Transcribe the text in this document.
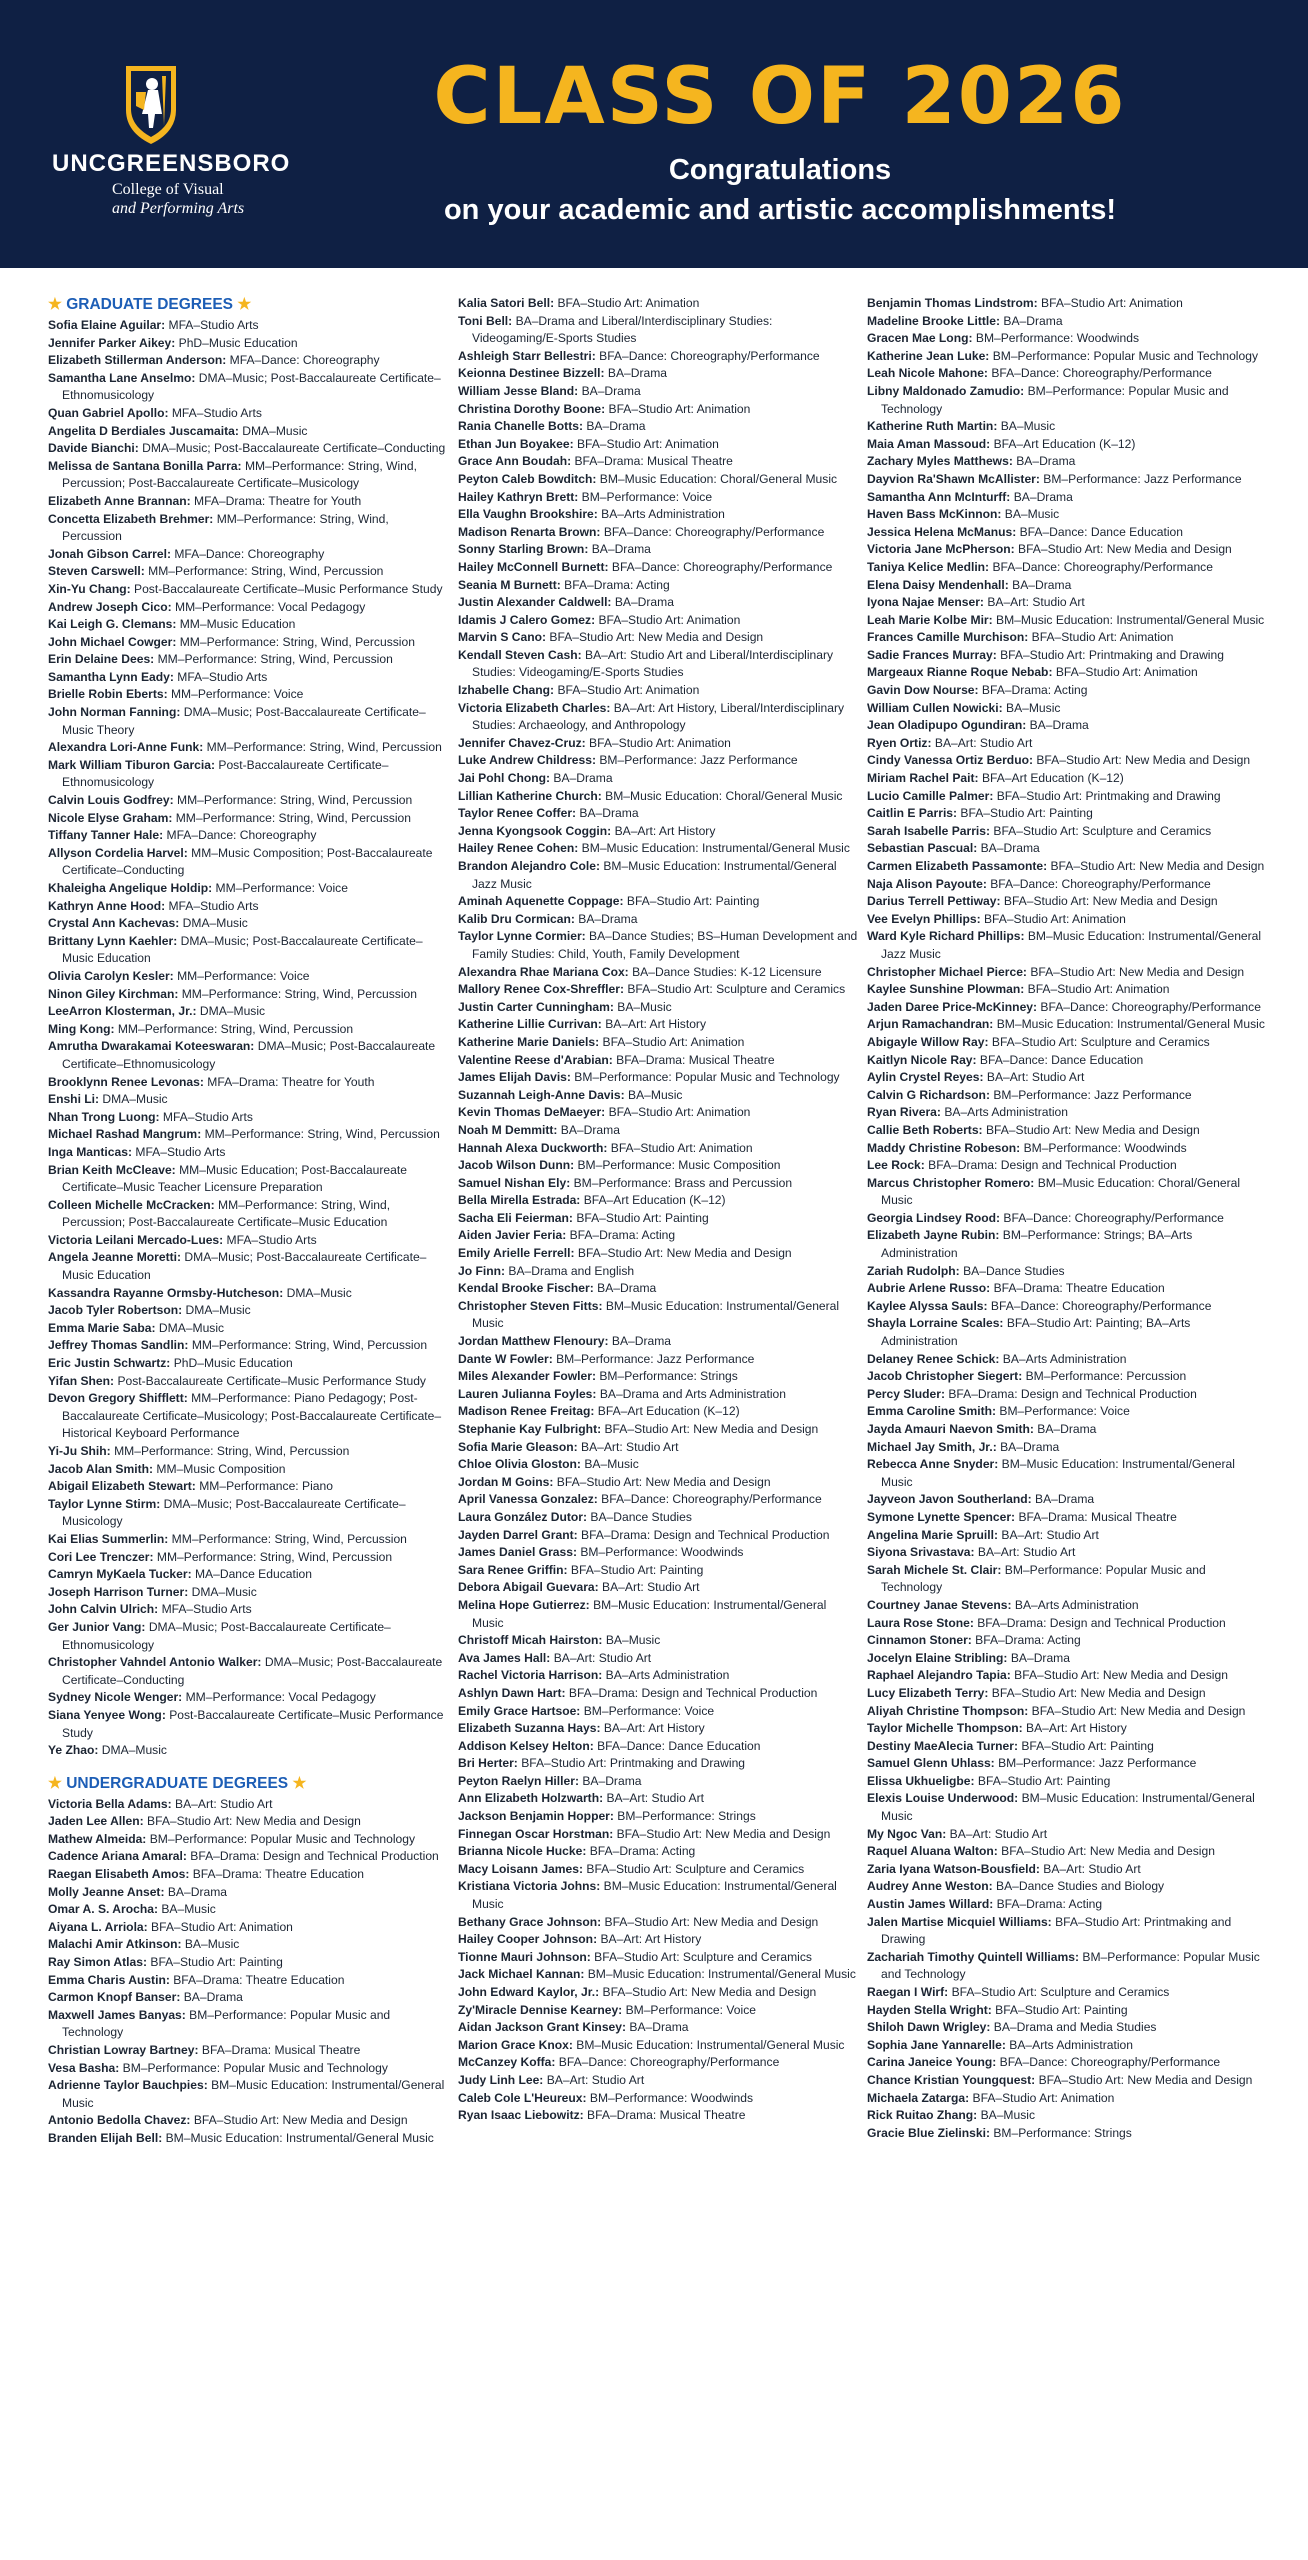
UNCGREENSBORO
College of Visual
and Performing Arts
CLASS OF 2026
Congratulations
on your academic and artistic accomplishments!
★ GRADUATE DEGREES ★
Sofia Elaine Aguilar: MFA–Studio Arts
Jennifer Parker Aikey: PhD–Music Education
Elizabeth Stillerman Anderson: MFA–Dance: Choreography
Samantha Lane Anselmo: DMA–Music; Post-Baccalaureate Certificate–Ethnomusicology
Quan Gabriel Apollo: MFA–Studio Arts
Angelita D Berdiales Juscamaita: DMA–Music
Davide Bianchi: DMA–Music; Post-Baccalaureate Certificate–Conducting
Melissa de Santana Bonilla Parra: MM–Performance: String, Wind, Percussion; Post-Baccalaureate Certificate–Musicology
Elizabeth Anne Brannan: MFA–Drama: Theatre for Youth
Concetta Elizabeth Brehmer: MM–Performance: String, Wind, Percussion
Jonah Gibson Carrel: MFA–Dance: Choreography
Steven Carswell: MM–Performance: String, Wind, Percussion
Xin-Yu Chang: Post-Baccalaureate Certificate–Music Performance Study
Andrew Joseph Cico: MM–Performance: Vocal Pedagogy
Kai Leigh G. Clemans: MM–Music Education
John Michael Cowger: MM–Performance: String, Wind, Percussion
Erin Delaine Dees: MM–Performance: String, Wind, Percussion
Samantha Lynn Eady: MFA–Studio Arts
Brielle Robin Eberts: MM–Performance: Voice
John Norman Fanning: DMA–Music; Post-Baccalaureate Certificate–Music Theory
Alexandra Lori-Anne Funk: MM–Performance: String, Wind, Percussion
Mark William Tiburon Garcia: Post-Baccalaureate Certificate–Ethnomusicology
Calvin Louis Godfrey: MM–Performance: String, Wind, Percussion
Nicole Elyse Graham: MM–Performance: String, Wind, Percussion
Tiffany Tanner Hale: MFA–Dance: Choreography
Allyson Cordelia Harvel: MM–Music Composition; Post-Baccalaureate Certificate–Conducting
Khaleigha Angelique Holdip: MM–Performance: Voice
Kathryn Anne Hood: MFA–Studio Arts
Crystal Ann Kachevas: DMA–Music
Brittany Lynn Kaehler: DMA–Music; Post-Baccalaureate Certificate–Music Education
Olivia Carolyn Kesler: MM–Performance: Voice
Ninon Giley Kirchman: MM–Performance: String, Wind, Percussion
LeeArron Klosterman, Jr.: DMA–Music
Ming Kong: MM–Performance: String, Wind, Percussion
Amrutha Dwarakamai Koteeswaran: DMA–Music; Post-Baccalaureate Certificate–Ethnomusicology
Brooklynn Renee Levonas: MFA–Drama: Theatre for Youth
Enshi Li: DMA–Music
Nhan Trong Luong: MFA–Studio Arts
Michael Rashad Mangrum: MM–Performance: String, Wind, Percussion
Inga Manticas: MFA–Studio Arts
Brian Keith McCleave: MM–Music Education; Post-Baccalaureate Certificate–Music Teacher Licensure Preparation
Colleen Michelle McCracken: MM–Performance: String, Wind, Percussion; Post-Baccalaureate Certificate–Music Education
Victoria Leilani Mercado-Lues: MFA–Studio Arts
Angela Jeanne Moretti: DMA–Music; Post-Baccalaureate Certificate–Music Education
Kassandra Rayanne Ormsby-Hutcheson: DMA–Music
Jacob Tyler Robertson: DMA–Music
Emma Marie Saba: DMA–Music
Jeffrey Thomas Sandlin: MM–Performance: String, Wind, Percussion
Eric Justin Schwartz: PhD–Music Education
Yifan Shen: Post-Baccalaureate Certificate–Music Performance Study
Devon Gregory Shifflett: MM–Performance: Piano Pedagogy; Post-Baccalaureate Certificate–Musicology; Post-Baccalaureate Certificate–Historical Keyboard Performance
Yi-Ju Shih: MM–Performance: String, Wind, Percussion
Jacob Alan Smith: MM–Music Composition
Abigail Elizabeth Stewart: MM–Performance: Piano
Taylor Lynne Stirm: DMA–Music; Post-Baccalaureate Certificate–Musicology
Kai Elias Summerlin: MM–Performance: String, Wind, Percussion
Cori Lee Trenczer: MM–Performance: String, Wind, Percussion
Camryn MyKaela Tucker: MA–Dance Education
Joseph Harrison Turner: DMA–Music
John Calvin Ulrich: MFA–Studio Arts
Ger Junior Vang: DMA–Music; Post-Baccalaureate Certificate–Ethnomusicology
Christopher Vahndel Antonio Walker: DMA–Music; Post-Baccalaureate Certificate–Conducting
Sydney Nicole Wenger: MM–Performance: Vocal Pedagogy
Siana Yenyee Wong: Post-Baccalaureate Certificate–Music Performance Study
Ye Zhao: DMA–Music
★ UNDERGRADUATE DEGREES ★
Victoria Bella Adams: BA–Art: Studio Art
Jaden Lee Allen: BFA–Studio Art: New Media and Design
Mathew Almeida: BM–Performance: Popular Music and Technology
Cadence Ariana Amaral: BFA–Drama: Design and Technical Production
Raegan Elisabeth Amos: BFA–Drama: Theatre Education
Molly Jeanne Anset: BA–Drama
Omar A. S. Arocha: BA–Music
Aiyana L. Arriola: BFA–Studio Art: Animation
Malachi Amir Atkinson: BA–Music
Ray Simon Atlas: BFA–Studio Art: Painting
Emma Charis Austin: BFA–Drama: Theatre Education
Carmon Knopf Banser: BA–Drama
Maxwell James Banyas: BM–Performance: Popular Music and Technology
Christian Lowray Bartney: BFA–Drama: Musical Theatre
Vesa Basha: BM–Performance: Popular Music and Technology
Adrienne Taylor Bauchpies: BM–Music Education: Instrumental/General Music
Antonio Bedolla Chavez: BFA–Studio Art: New Media and Design
Branden Elijah Bell: BM–Music Education: Instrumental/General Music
Kalia Satori Bell: BFA–Studio Art: Animation
Toni Bell: BA–Drama and Liberal/Interdisciplinary Studies: Videogaming/E-Sports Studies
Ashleigh Starr Bellestri: BFA–Dance: Choreography/Performance
Keionna Destinee Bizzell: BA–Drama
William Jesse Bland: BA–Drama
Christina Dorothy Boone: BFA–Studio Art: Animation
Rania Chanelle Botts: BA–Drama
Ethan Jun Boyakee: BFA–Studio Art: Animation
Grace Ann Boudah: BFA–Drama: Musical Theatre
Peyton Caleb Bowditch: BM–Music Education: Choral/General Music
Hailey Kathryn Brett: BM–Performance: Voice
Ella Vaughn Brookshire: BA–Arts Administration
Madison Renarta Brown: BFA–Dance: Choreography/Performance
Sonny Starling Brown: BA–Drama
Hailey McConnell Burnett: BFA–Dance: Choreography/Performance
Seania M Burnett: BFA–Drama: Acting
Justin Alexander Caldwell: BA–Drama
Idamis J Calero Gomez: BFA–Studio Art: Animation
Marvin S Cano: BFA–Studio Art: New Media and Design
Kendall Steven Cash: BA–Art: Studio Art and Liberal/Interdisciplinary Studies: Videogaming/E-Sports Studies
Izhabelle Chang: BFA–Studio Art: Animation
Victoria Elizabeth Charles: BA–Art: Art History, Liberal/Interdisciplinary Studies: Archaeology, and Anthropology
Jennifer Chavez-Cruz: BFA–Studio Art: Animation
Luke Andrew Childress: BM–Performance: Jazz Performance
Jai Pohl Chong: BA–Drama
Lillian Katherine Church: BM–Music Education: Choral/General Music
Taylor Renee Coffer: BA–Drama
Jenna Kyongsook Coggin: BA–Art: Art History
Hailey Renee Cohen: BM–Music Education: Instrumental/General Music
Brandon Alejandro Cole: BM–Music Education: Instrumental/General Jazz Music
Aminah Aquenette Coppage: BFA–Studio Art: Painting
Kalib Dru Cormican: BA–Drama
Taylor Lynne Cormier: BA–Dance Studies; BS–Human Development and Family Studies: Child, Youth, Family Development
Alexandra Rhae Mariana Cox: BA–Dance Studies: K-12 Licensure
Mallory Renee Cox-Shreffler: BFA–Studio Art: Sculpture and Ceramics
Justin Carter Cunningham: BA–Music
Katherine Lillie Currivan: BA–Art: Art History
Katherine Marie Daniels: BFA–Studio Art: Animation
Valentine Reese d'Arabian: BFA–Drama: Musical Theatre
James Elijah Davis: BM–Performance: Popular Music and Technology
Suzannah Leigh-Anne Davis: BA–Music
Kevin Thomas DeMaeyer: BFA–Studio Art: Animation
Noah M Demmitt: BA–Drama
Hannah Alexa Duckworth: BFA–Studio Art: Animation
Jacob Wilson Dunn: BM–Performance: Music Composition
Samuel Nishan Ely: BM–Performance: Brass and Percussion
Bella Mirella Estrada: BFA–Art Education (K–12)
Sacha Eli Feierman: BFA–Studio Art: Painting
Aiden Javier Feria: BFA–Drama: Acting
Emily Arielle Ferrell: BFA–Studio Art: New Media and Design
Jo Finn: BA–Drama and English
Kendal Brooke Fischer: BA–Drama
Christopher Steven Fitts: BM–Music Education: Instrumental/General Music
Jordan Matthew Flenoury: BA–Drama
Dante W Fowler: BM–Performance: Jazz Performance
Miles Alexander Fowler: BM–Performance: Strings
Lauren Julianna Foyles: BA–Drama and Arts Administration
Madison Renee Freitag: BFA–Art Education (K–12)
Stephanie Kay Fulbright: BFA–Studio Art: New Media and Design
Sofia Marie Gleason: BA–Art: Studio Art
Chloe Olivia Gloston: BA–Music
Jordan M Goins: BFA–Studio Art: New Media and Design
April Vanessa Gonzalez: BFA–Dance: Choreography/Performance
Laura González Dutor: BA–Dance Studies
Jayden Darrel Grant: BFA–Drama: Design and Technical Production
James Daniel Grass: BM–Performance: Woodwinds
Sara Renee Griffin: BFA–Studio Art: Painting
Debora Abigail Guevara: BA–Art: Studio Art
Melina Hope Gutierrez: BM–Music Education: Instrumental/General Music
Christoff Micah Hairston: BA–Music
Ava James Hall: BA–Art: Studio Art
Rachel Victoria Harrison: BA–Arts Administration
Ashlyn Dawn Hart: BFA–Drama: Design and Technical Production
Emily Grace Hartsoe: BM–Performance: Voice
Elizabeth Suzanna Hays: BA–Art: Art History
Addison Kelsey Helton: BFA–Dance: Dance Education
Bri Herter: BFA–Studio Art: Printmaking and Drawing
Peyton Raelyn Hiller: BA–Drama
Ann Elizabeth Holzwarth: BA–Art: Studio Art
Jackson Benjamin Hopper: BM–Performance: Strings
Finnegan Oscar Horstman: BFA–Studio Art: New Media and Design
Brianna Nicole Hucke: BFA–Drama: Acting
Macy Loisann James: BFA–Studio Art: Sculpture and Ceramics
Kristiana Victoria Johns: BM–Music Education: Instrumental/General Music
Bethany Grace Johnson: BFA–Studio Art: New Media and Design
Hailey Cooper Johnson: BA–Art: Art History
Tionne Mauri Johnson: BFA–Studio Art: Sculpture and Ceramics
Jack Michael Kannan: BM–Music Education: Instrumental/General Music
John Edward Kaylor, Jr.: BFA–Studio Art: New Media and Design
Zy'Miracle Dennise Kearney: BM–Performance: Voice
Aidan Jackson Grant Kinsey: BA–Drama
Marion Grace Knox: BM–Music Education: Instrumental/General Music
McCanzey Koffa: BFA–Dance: Choreography/Performance
Judy Linh Lee: BA–Art: Studio Art
Caleb Cole L'Heureux: BM–Performance: Woodwinds
Ryan Isaac Liebowitz: BFA–Drama: Musical Theatre
Benjamin Thomas Lindstrom: BFA–Studio Art: Animation
Madeline Brooke Little: BA–Drama
Gracen Mae Long: BM–Performance: Woodwinds
Katherine Jean Luke: BM–Performance: Popular Music and Technology
Leah Nicole Mahone: BFA–Dance: Choreography/Performance
Libny Maldonado Zamudio: BM–Performance: Popular Music and Technology
Katherine Ruth Martin: BA–Music
Maia Aman Massoud: BFA–Art Education (K–12)
Zachary Myles Matthews: BA–Drama
Dayvion Ra'Shawn McAllister: BM–Performance: Jazz Performance
Samantha Ann McInturff: BA–Drama
Haven Bass McKinnon: BA–Music
Jessica Helena McManus: BFA–Dance: Dance Education
Victoria Jane McPherson: BFA–Studio Art: New Media and Design
Taniya Kelice Medlin: BFA–Dance: Choreography/Performance
Elena Daisy Mendenhall: BA–Drama
Iyona Najae Menser: BA–Art: Studio Art
Leah Marie Kolbe Mir: BM–Music Education: Instrumental/General Music
Frances Camille Murchison: BFA–Studio Art: Animation
Sadie Frances Murray: BFA–Studio Art: Printmaking and Drawing
Margeaux Rianne Roque Nebab: BFA–Studio Art: Animation
Gavin Dow Nourse: BFA–Drama: Acting
William Cullen Nowicki: BA–Music
Jean Oladipupo Ogundiran: BA–Drama
Ryen Ortiz: BA–Art: Studio Art
Cindy Vanessa Ortiz Berduo: BFA–Studio Art: New Media and Design
Miriam Rachel Pait: BFA–Art Education (K–12)
Lucio Camille Palmer: BFA–Studio Art: Printmaking and Drawing
Caitlin E Parris: BFA–Studio Art: Painting
Sarah Isabelle Parris: BFA–Studio Art: Sculpture and Ceramics
Sebastian Pascual: BA–Drama
Carmen Elizabeth Passamonte: BFA–Studio Art: New Media and Design
Naja Alison Payoute: BFA–Dance: Choreography/Performance
Darius Terrell Pettiway: BFA–Studio Art: New Media and Design
Vee Evelyn Phillips: BFA–Studio Art: Animation
Ward Kyle Richard Phillips: BM–Music Education: Instrumental/General Jazz Music
Christopher Michael Pierce: BFA–Studio Art: New Media and Design
Kaylee Sunshine Plowman: BFA–Studio Art: Animation
Jaden Daree Price-McKinney: BFA–Dance: Choreography/Performance
Arjun Ramachandran: BM–Music Education: Instrumental/General Music
Abigayle Willow Ray: BFA–Studio Art: Sculpture and Ceramics
Kaitlyn Nicole Ray: BFA–Dance: Dance Education
Aylin Crystel Reyes: BA–Art: Studio Art
Calvin G Richardson: BM–Performance: Jazz Performance
Ryan Rivera: BA–Arts Administration
Callie Beth Roberts: BFA–Studio Art: New Media and Design
Maddy Christine Robeson: BM–Performance: Woodwinds
Lee Rock: BFA–Drama: Design and Technical Production
Marcus Christopher Romero: BM–Music Education: Choral/General Music
Georgia Lindsey Rood: BFA–Dance: Choreography/Performance
Elizabeth Jayne Rubin: BM–Performance: Strings; BA–Arts Administration
Zariah Rudolph: BA–Dance Studies
Aubrie Arlene Russo: BFA–Drama: Theatre Education
Kaylee Alyssa Sauls: BFA–Dance: Choreography/Performance
Shayla Lorraine Scales: BFA–Studio Art: Painting; BA–Arts Administration
Delaney Renee Schick: BA–Arts Administration
Jacob Christopher Siegert: BM–Performance: Percussion
Percy Sluder: BFA–Drama: Design and Technical Production
Emma Caroline Smith: BM–Performance: Voice
Jayda Amauri Naevon Smith: BA–Drama
Michael Jay Smith, Jr.: BA–Drama
Rebecca Anne Snyder: BM–Music Education: Instrumental/General Music
Jayveon Javon Southerland: BA–Drama
Symone Lynette Spencer: BFA–Drama: Musical Theatre
Angelina Marie Spruill: BA–Art: Studio Art
Siyona Srivastava: BA–Art: Studio Art
Sarah Michele St. Clair: BM–Performance: Popular Music and Technology
Courtney Janae Stevens: BA–Arts Administration
Laura Rose Stone: BFA–Drama: Design and Technical Production
Cinnamon Stoner: BFA–Drama: Acting
Jocelyn Elaine Stribling: BA–Drama
Raphael Alejandro Tapia: BFA–Studio Art: New Media and Design
Lucy Elizabeth Terry: BFA–Studio Art: New Media and Design
Aliyah Christine Thompson: BFA–Studio Art: New Media and Design
Taylor Michelle Thompson: BA–Art: Art History
Destiny MaeAlecia Turner: BFA–Studio Art: Painting
Samuel Glenn Uhlass: BM–Performance: Jazz Performance
Elissa Ukhueligbe: BFA–Studio Art: Painting
Elexis Louise Underwood: BM–Music Education: Instrumental/General Music
My Ngoc Van: BA–Art: Studio Art
Raquel Aluana Walton: BFA–Studio Art: New Media and Design
Zaria Iyana Watson-Bousfield: BA–Art: Studio Art
Audrey Anne Weston: BA–Dance Studies and Biology
Austin James Willard: BFA–Drama: Acting
Jalen Martise Micquiel Williams: BFA–Studio Art: Printmaking and Drawing
Zachariah Timothy Quintell Williams: BM–Performance: Popular Music and Technology
Raegan I Wirf: BFA–Studio Art: Sculpture and Ceramics
Hayden Stella Wright: BFA–Studio Art: Painting
Shiloh Dawn Wrigley: BA–Drama and Media Studies
Sophia Jane Yannarelle: BA–Arts Administration
Carina Janeice Young: BFA–Dance: Choreography/Performance
Chance Kristian Youngquest: BFA–Studio Art: New Media and Design
Michaela Zatarga: BFA–Studio Art: Animation
Rick Ruitao Zhang: BA–Music
Gracie Blue Zielinski: BM–Performance: Strings
